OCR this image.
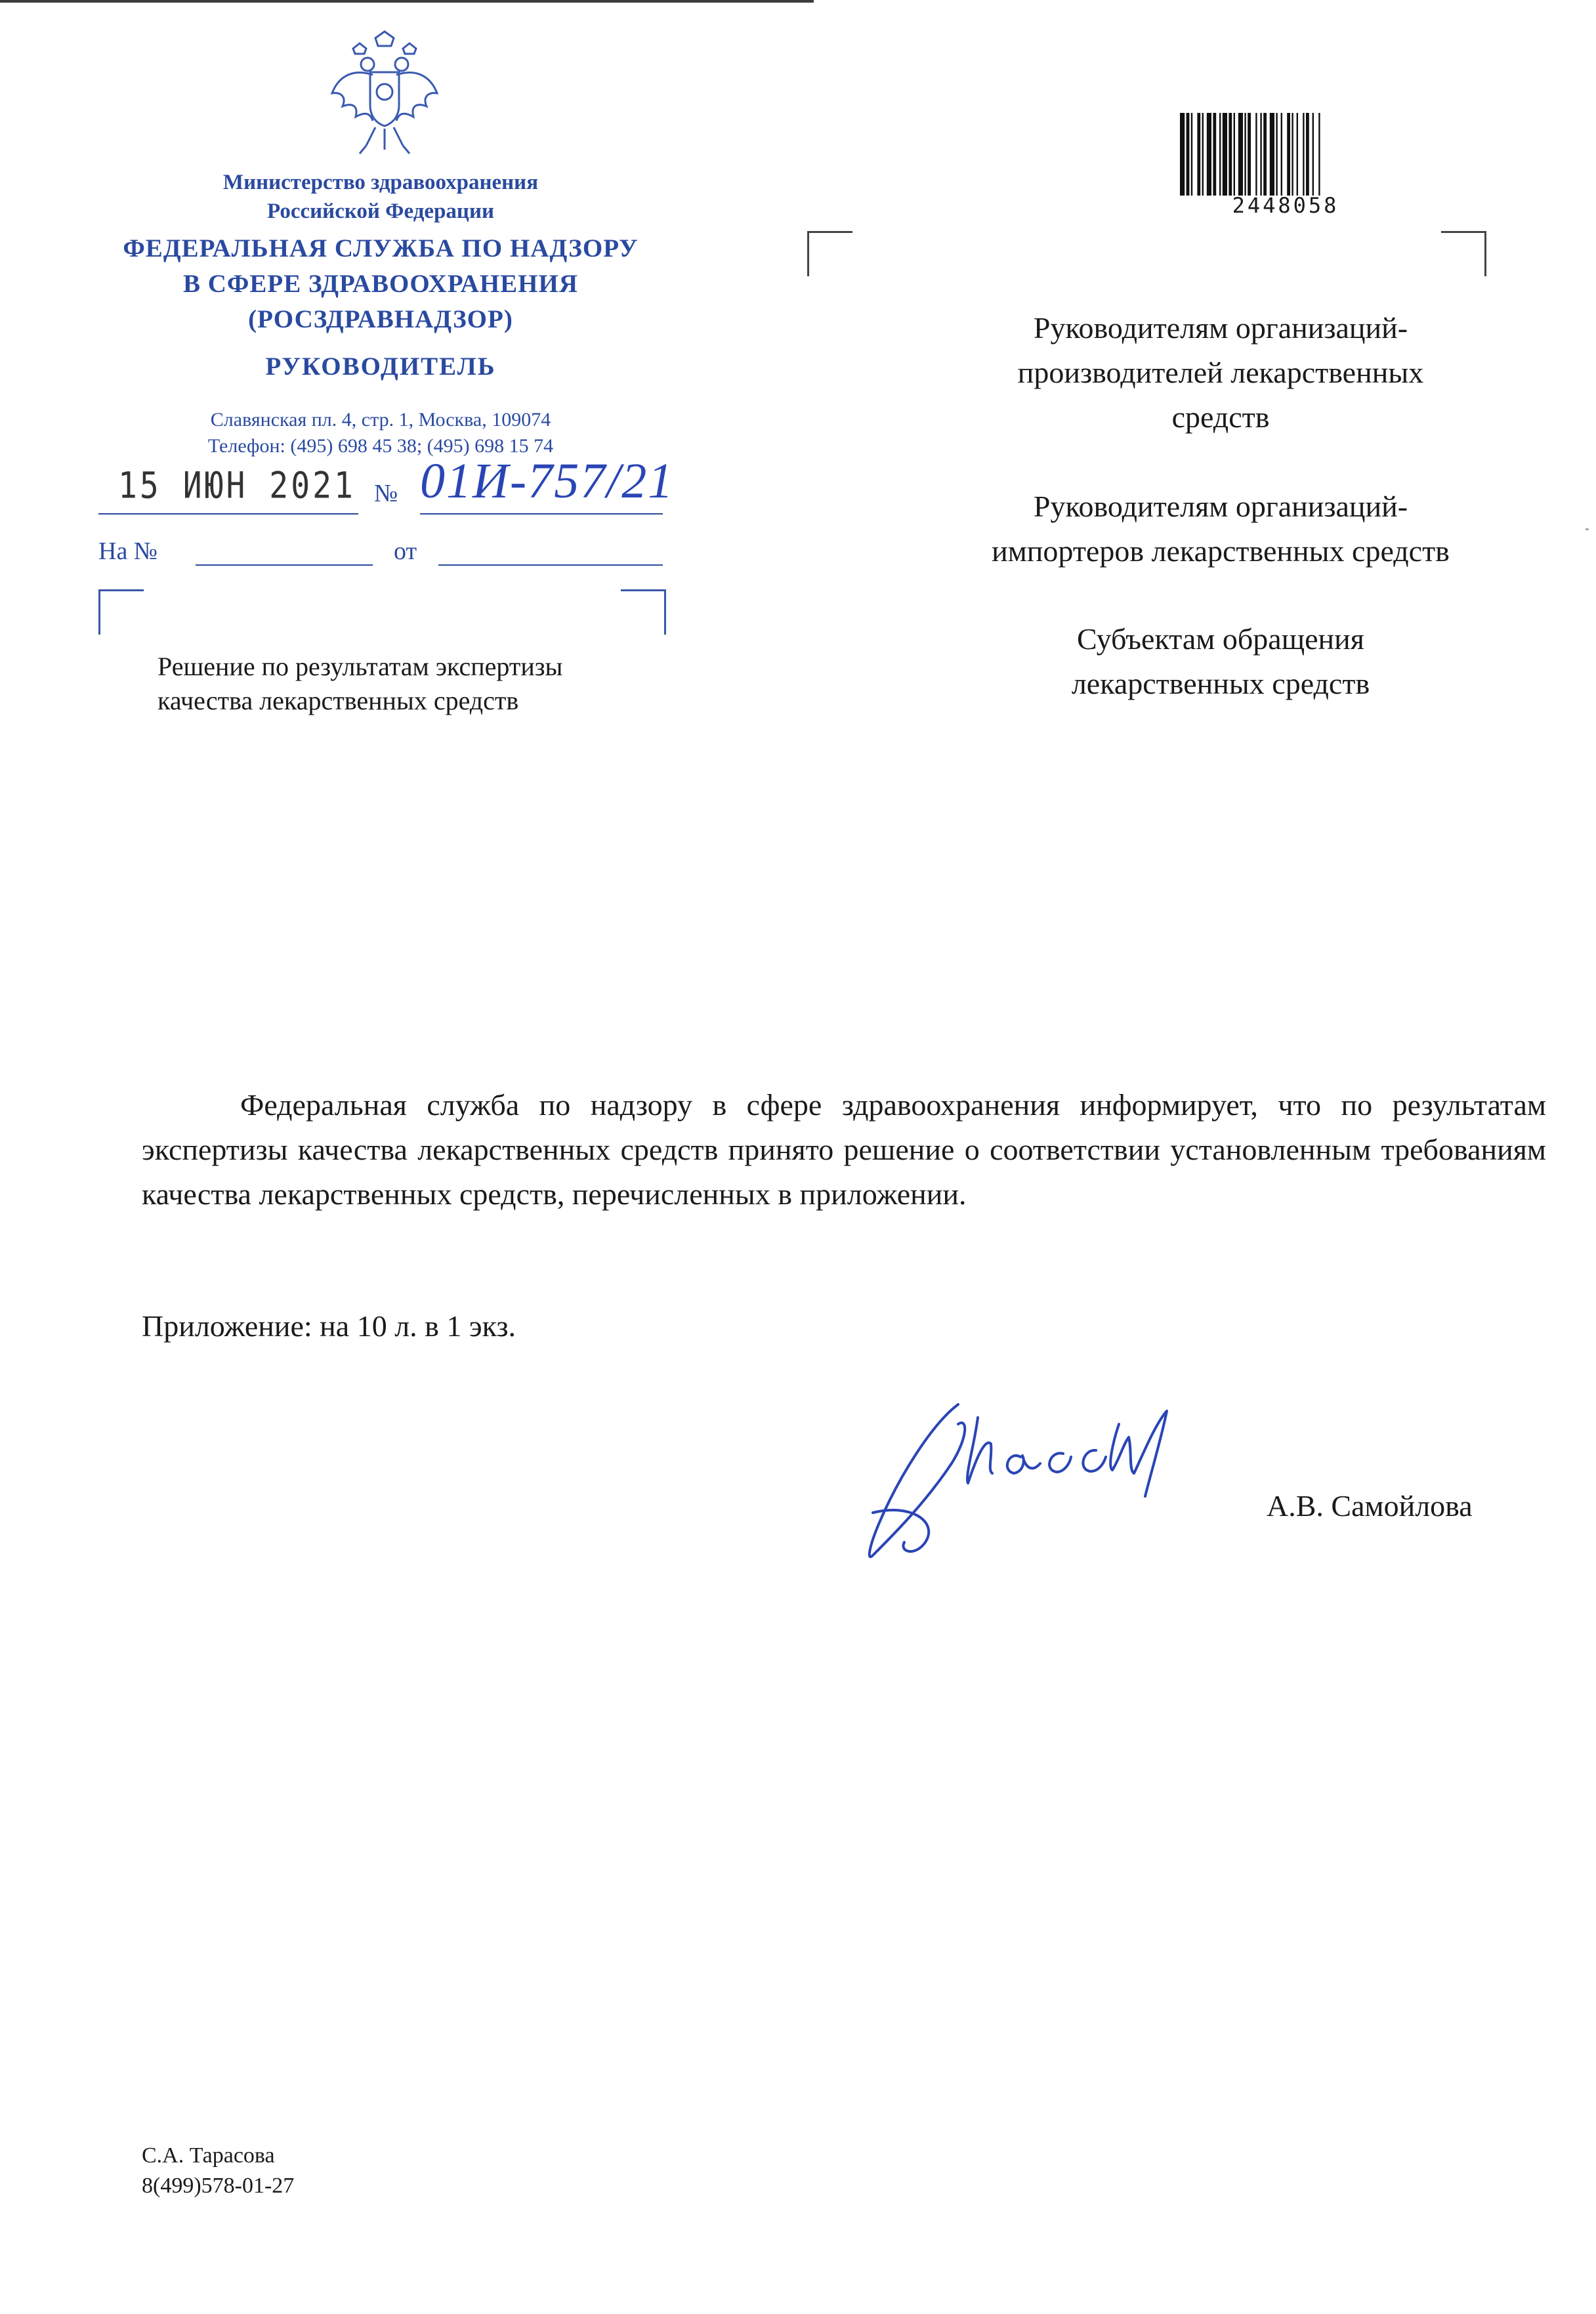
Министерство здравоохранения
Российской Федерации
ФЕДЕРАЛЬНАЯ СЛУЖБА ПО НАДЗОРУ
В СФЕРЕ ЗДРАВООХРАНЕНИЯ
(РОСЗДРАВНАДЗОР)
РУКОВОДИТЕЛЬ
Славянская пл. 4, стр. 1, Москва, 109074
Телефон: (495) 698 45 38; (495) 698 15 74
15 ИЮН 2021 № 01И-757/21
На №	от
Решение по результатам экспертизы
качества лекарственных средств
2448058
Руководителям организаций-
производителей лекарственных
средств
Руководителям организаций-
импортеров лекарственных средств
Субъектам обращения
лекарственных средств
Федеральная служба по надзору в сфере здравоохранения информирует, что по результатам экспертизы качества лекарственных средств принято решение о соответствии установленным требованиям качества лекарственных средств, перечисленных в приложении.
Приложение: на 10 л. в 1 экз.
А.В. Самойлова
С.А. Тарасова
8(499)578-01-27
